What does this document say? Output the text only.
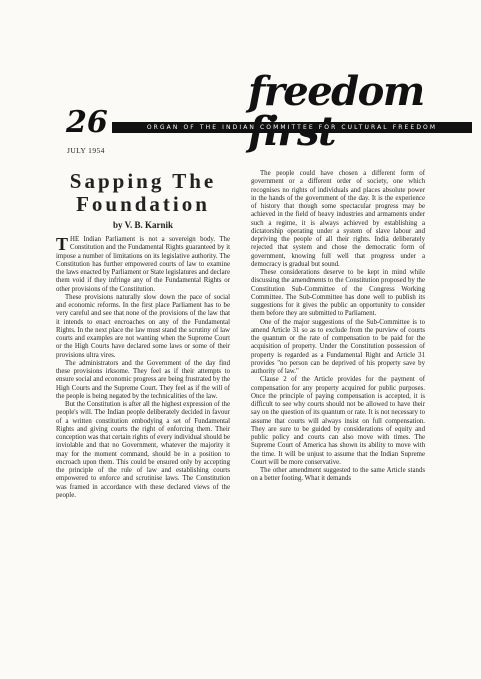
freedom
26	ORGAN OF THE INDIAN COMMITTEE FOR CULTURAL FREEDOM
JULY 1954
Sapping The
Foundation
by V. B. Karnik

THE Indian Parliament is not a sovereign body. The Constitution and the Fundamental Rights guaranteed by it impose a number of limitations on its legislative authority. The Constitution has further empowered courts of law to examine the laws enacted by Parliament or State legislatures and declare them void if they infringe any of the Fundamental Rights or other provisions of the Constitution.

These provisions naturally slow down the pace of social and economic reforms. In the first place Parliament has to be very careful and see that none of the provisions of the law that it intends to enact encroaches on any of the Fundamental Rights. In the next place the law must stand the scrutiny of law courts and examples are not wanting when the Supreme Court or the High Courts have declared some laws or some of their provisions ultra vires.

The administrators and the Government of the day find these provisions irksome. They feel as if their attempts to ensure social and economic progress are being frustrated by the High Courts and the Supreme Court. They feel as if the will of the people is being negated by the technicalities of the law.

But the Constitution is after all the highest expression of the people's will. The Indian people deliberately decided in favour of a written constitution embodying a set of Fundamental Rights and giving courts the right of enforcing them. Their conception was that certain rights of every individual should be inviolable and that no Government, whatever the majority it may for the moment command, should be in a position to encroach upon them. This could be ensured only by accepting the principle of the rule of law and establishing courts empowered to enforce and scrutinise laws. The Constitution was framed in accordance with these declared views of the people.

The people could have chosen a different form of government or a different order of society, one which recognises no rights of individuals and places absolute power in the hands of the government of the day. It is the experience of history that though some spectacular progress may be achieved in the field of heavy industries and armaments under such a regime, it is always achieved by establishing a dictatorship operating under a system of slave labour and depriving the people of all their rights. India deliberately rejected that system and chose the democratic form of government, knowing full well that progress under a democracy is gradual but sound.

These considerations deserve to be kept in mind while discussing the amendments to the Constitution proposed by the Constitution Sub-Committee of the Congress Working Committee. The Sub-Committee has done well to publish its suggestions for it gives the public an opportunity to consider them before they are submitted to Parliament.

One of the major suggestions of the Sub-Committee is to amend Article 31 so as to exclude from the purview of courts the quantum or the rate of compensation to be paid for the acquisition of property. Under the Constitution possession of property is regarded as a Fundamental Right and Article 31 provides "no person can be deprived of his property save by authority of law."

Clause 2 of the Article provides for the payment of compensation for any property acquired for public purposes. Once the principle of paying compensation is accepted, it is difficult to see why courts should not be allowed to have their say on the question of its quantum or rate. It is not necessary to assume that courts will always insist on full compensation. They are sure to be guided by considerations of equity and public policy and courts can also move with times. The Supreme Court of America has shown its ability to move with the time. It will be unjust to assume that the Indian Supreme Court will be more conservative.

The other amendment suggested to the same Article stands on a better footing. What it demands
